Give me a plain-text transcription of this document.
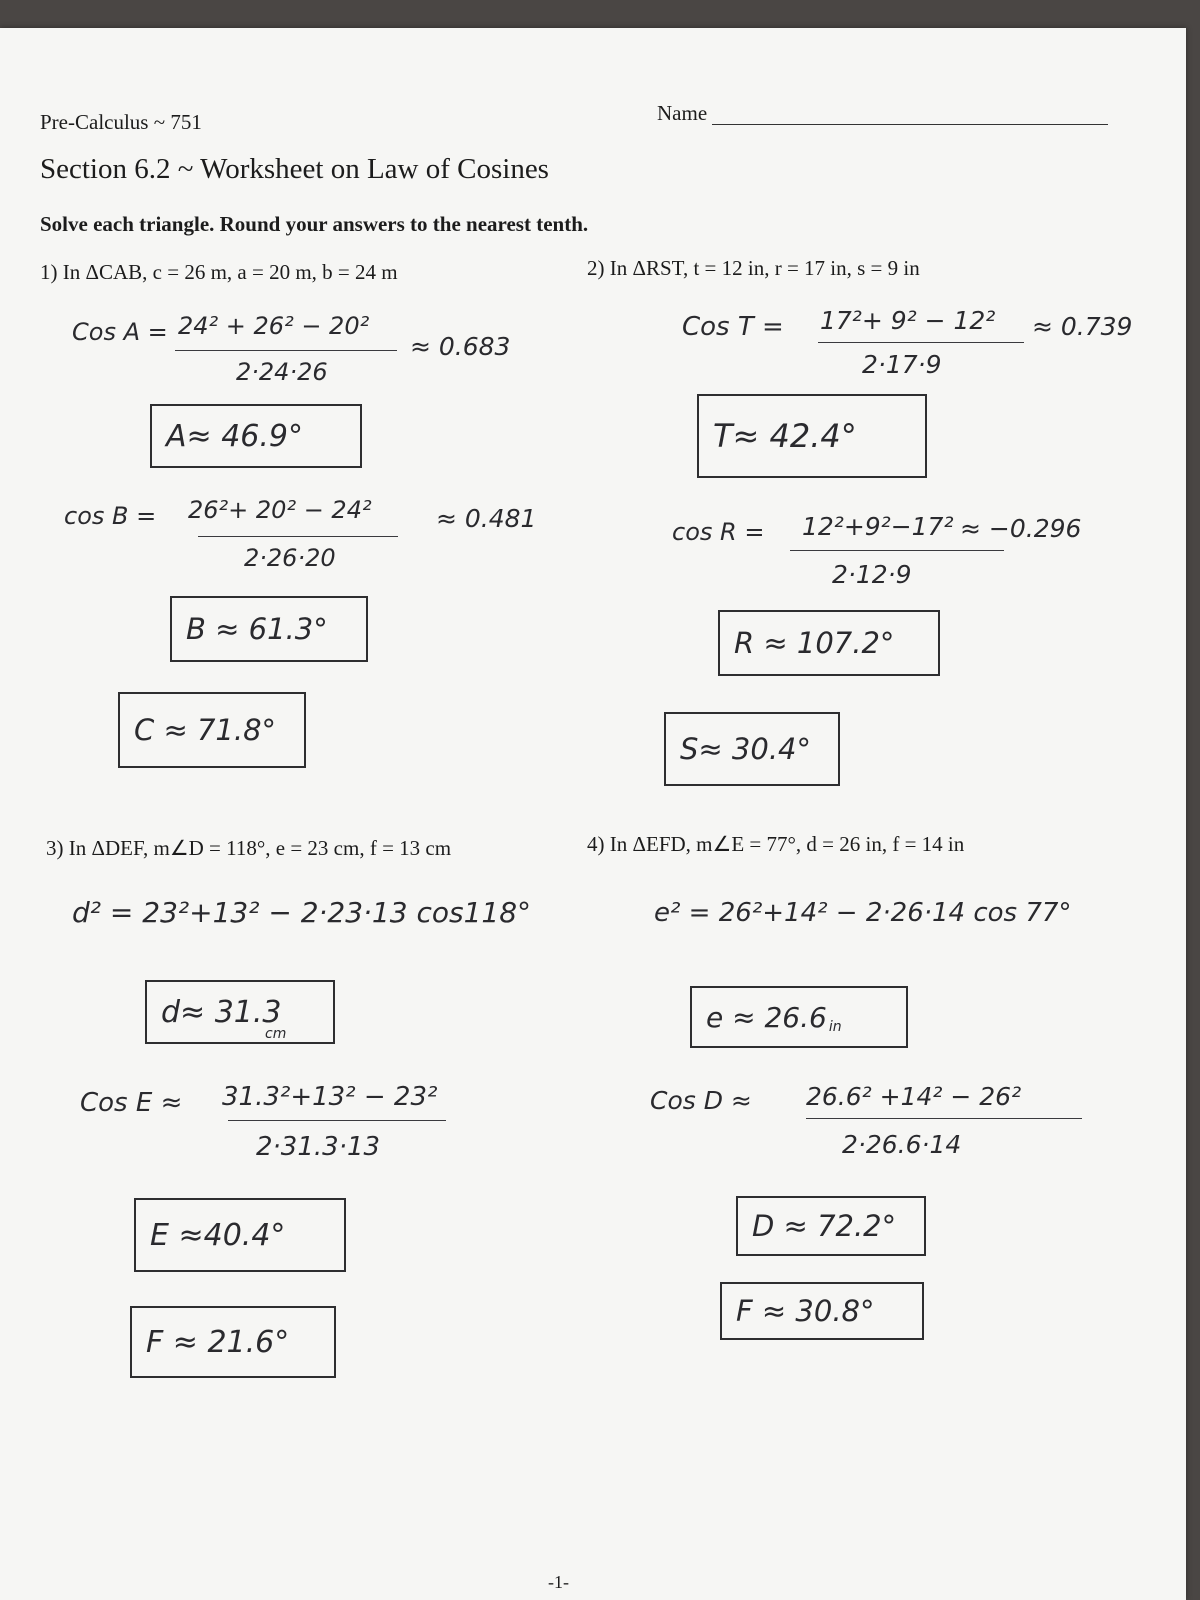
Pre-Calculus ~ 751	Name
Section 6.2 ~ Worksheet on Law of Cosines
Solve each triangle. Round your answers to the nearest tenth.
1) In ΔCAB, c = 26 m, a = 20 m, b = 24 m
Cos A = 24² + 26² − 20²
2·24·26
≈ 0.683
A≈ 46.9°
cos B = 26²+ 20² − 24²
2·26·20
≈ 0.481
B ≈ 61.3°
C ≈ 71.8°
2) In ΔRST, t = 12 in, r = 17 in, s = 9 in
Cos T = 17²+ 9² − 12²
2·17·9
≈ 0.739
T≈ 42.4°
cos R = 12²+9²−17² ≈ −0.296
2·12·9
R ≈ 107.2°
S≈ 30.4°
3) In ΔDEF, m∠D = 118°, e = 23 cm, f = 13 cm
d² = 23²+13² − 2·23·13 cos118°
d≈ 31.3
cm
Cos E ≈ 31.3²+13² − 23²
2·31.3·13
E ≈40.4°
F ≈ 21.6°
4) In ΔEFD, m∠E = 77°, d = 26 in, f = 14 in
e² = 26²+14² − 2·26·14 cos 77°
e ≈ 26.6 in
Cos D ≈ 26.6² +14² − 26²
2·26.6·14
D ≈ 72.2°
F ≈ 30.8°
-1-
